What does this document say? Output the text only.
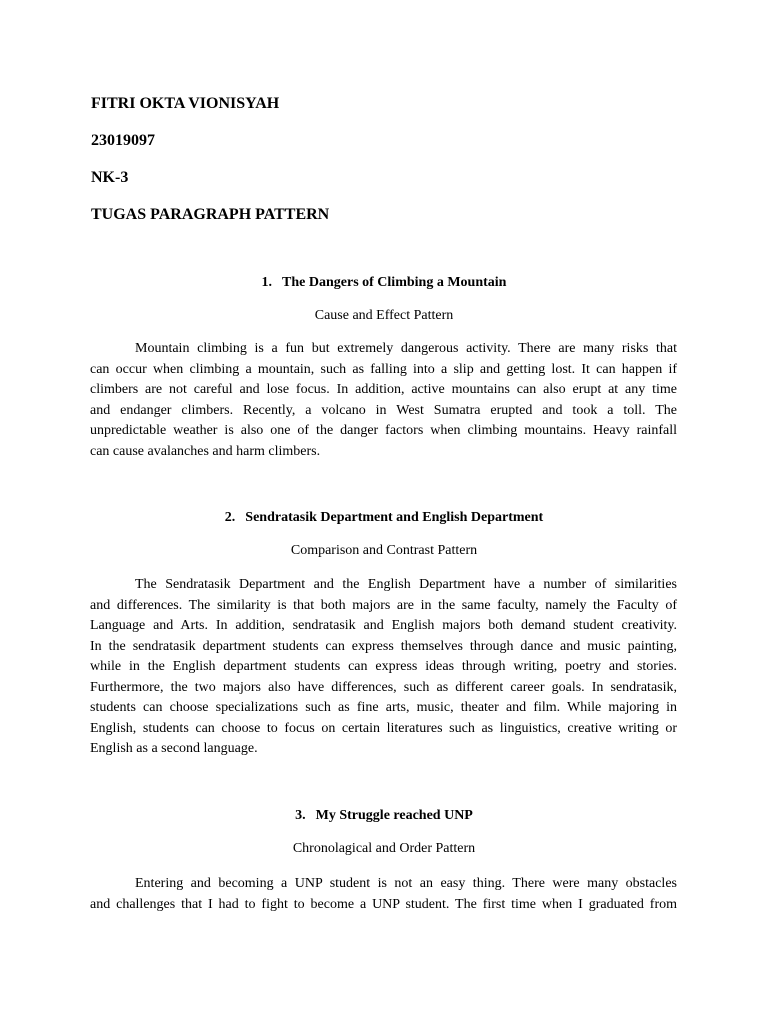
FITRI OKTA VIONISYAH
23019097
NK-3
TUGAS PARAGRAPH PATTERN
1. The Dangers of Climbing a Mountain
Cause and Effect Pattern
Mountain climbing is a fun but extremely dangerous activity. There are many risks that
can occur when climbing a mountain, such as falling into a slip and getting lost. It can happen if
climbers are not careful and lose focus. In addition, active mountains can also erupt at any time
and endanger climbers. Recently, a volcano in West Sumatra erupted and took a toll. The
unpredictable weather is also one of the danger factors when climbing mountains. Heavy rainfall
can cause avalanches and harm climbers.
2. Sendratasik Department and English Department
Comparison and Contrast Pattern
The Sendratasik Department and the English Department have a number of similarities
and differences. The similarity is that both majors are in the same faculty, namely the Faculty of
Language and Arts. In addition, sendratasik and English majors both demand student creativity.
In the sendratasik department students can express themselves through dance and music painting,
while in the English department students can express ideas through writing, poetry and stories.
Furthermore, the two majors also have differences, such as different career goals. In sendratasik,
students can choose specializations such as fine arts, music, theater and film. While majoring in
English, students can choose to focus on certain literatures such as linguistics, creative writing or
English as a second language.
3. My Struggle reached UNP
Chronolagical and Order Pattern
Entering and becoming a UNP student is not an easy thing. There were many obstacles
and challenges that I had to fight to become a UNP student. The first time when I graduated from
